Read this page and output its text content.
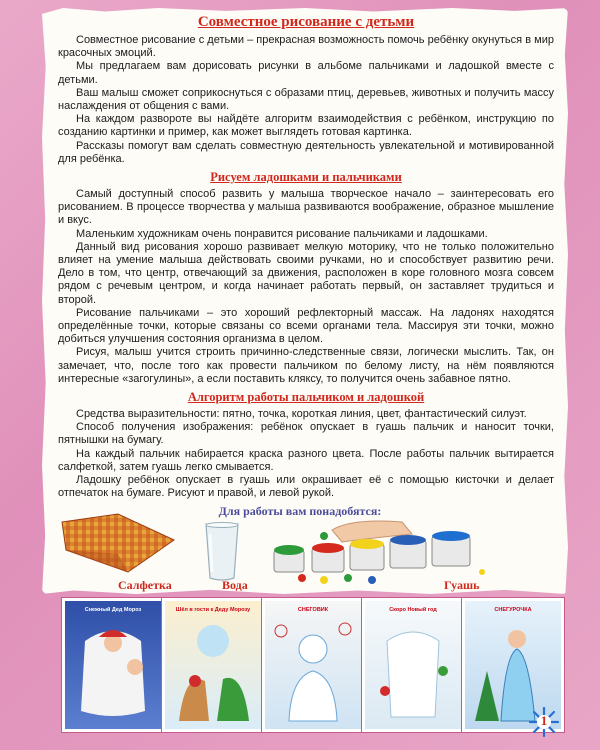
Совместное рисование с детьми

Совместное рисование с детьми – прекрасная возможность помочь ребёнку окунуться в мир красочных эмоций.

Мы предлагаем вам дорисовать рисунки в альбоме пальчиками и ладошкой вместе с детьми.

Ваш малыш сможет соприкоснуться с образами птиц, деревьев, животных и получить массу наслаждения от общения с вами.

На каждом развороте вы найдёте алгоритм взаимодействия с ребёнком, инструкцию по созданию картинки и пример, как может выглядеть готовая картинка.

Рассказы помогут вам сделать совместную деятельность увлекательной и мотивированной для ребёнка.

Рисуем ладошками и пальчиками

Самый доступный способ развить у малыша творческое начало – заинтересовать его рисованием. В процессе творчества у малыша развиваются воображение, образное мышление и вкус.

Маленьким художникам очень понравится рисование пальчиками и ладошками.

Данный вид рисования хорошо развивает мелкую моторику, что не только положительно влияет на умение малыша действовать своими ручками, но и способствует развитию речи. Дело в том, что центр, отвечающий за движения, расположен в коре головного мозга совсем рядом с речевым центром, и когда начинает работать первый, он заставляет трудиться и второй.

Рисование пальчиками – это хороший рефлекторный массаж. На ладонях находятся определённые точки, которые связаны со всеми органами тела. Массируя эти точки, можно добиться улучшения состояния организма в целом.

Рисуя, малыш учится строить причинно-следственные связи, логически мыслить. Так, он замечает, что, после того как провести пальчиком по белому листу, на нём появляются интересные «загогулины», а если поставить кляксу, то получится очень забавное пятно.

Алгоритм работы пальчиком и ладошкой

Средства выразительности: пятно, точка, короткая линия, цвет, фантастический силуэт.

Способ получения изображения: ребёнок опускает в гуашь пальчик и наносит точки, пятнышки на бумагу.

На каждый пальчик набирается краска разного цвета. После работы пальчик вытирается салфеткой, затем гуашь легко смывается.

Ладошку ребёнок опускает в гуашь или окрашивает её с помощью кисточки и делает отпечаток на бумаге. Рисуют и правой, и левой рукой.

Для работы вам понадобятся:
Салфетка	Вода	Гуашь
Снежный Дед Мороз	Шёл в гости к Деду Морозу	СНЕГОВИК	Скоро Новый год	СНЕГУРОЧКА
1
